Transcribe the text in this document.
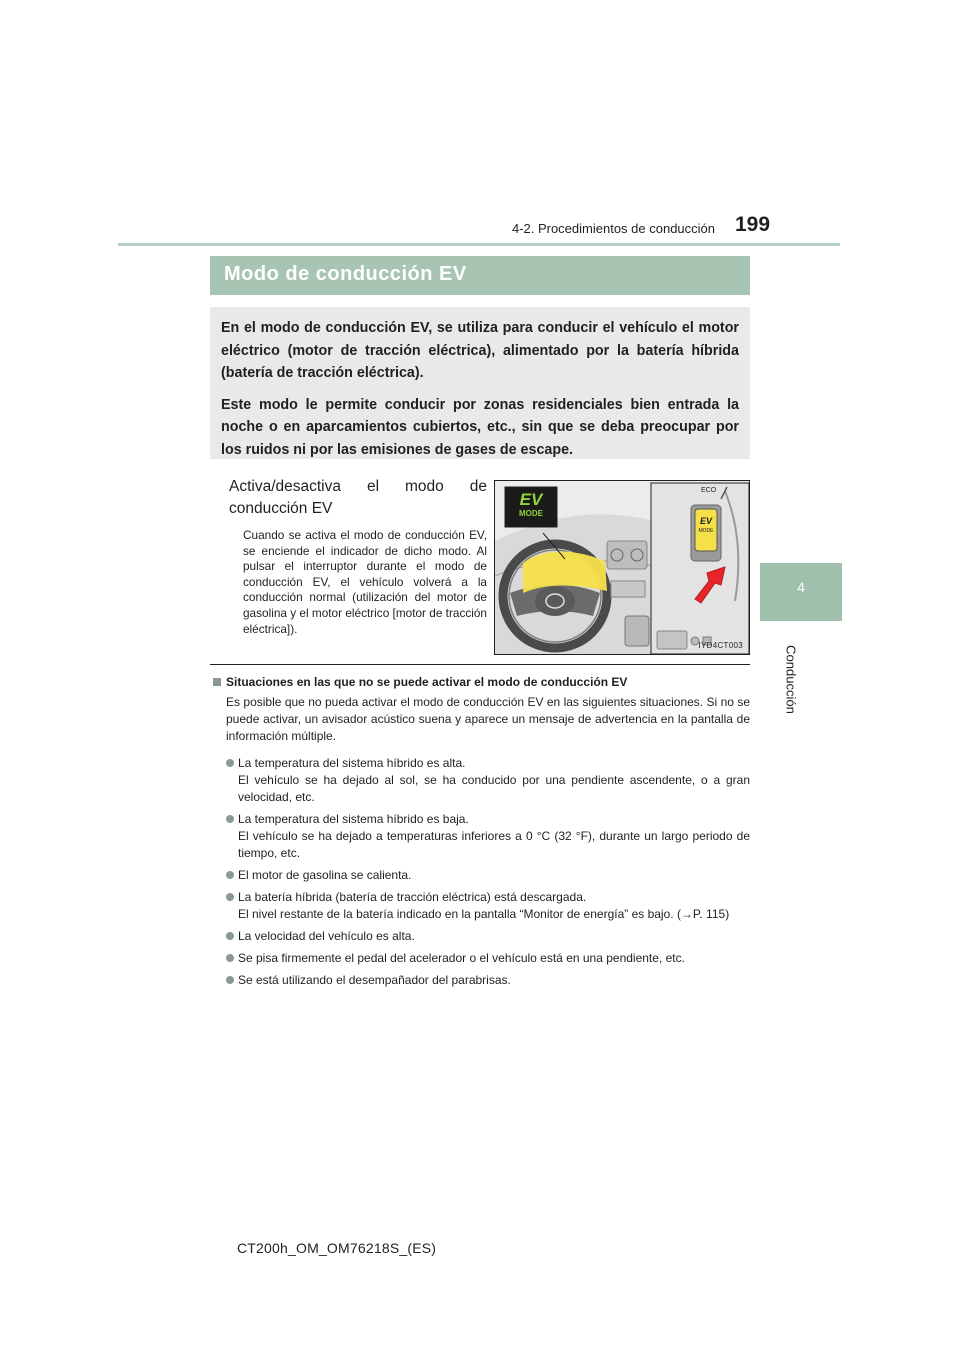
4-2. Procedimientos de conducción 199
4
Conducción
Modo de conducción EV

En el modo de conducción EV, se utiliza para conducir el vehículo el motor eléctrico (motor de tracción eléctrica), alimentado por la batería híbrida (batería de tracción eléctrica).

Este modo le permite conducir por zonas residenciales bien entrada la noche o en aparcamientos cubiertos, etc., sin que se deba preocupar por los ruidos ni por las emisiones de gases de escape.

Activa/desactiva el modo de conducción EV
Cuando se activa el modo de conducción EV, se enciende el indicador de dicho modo. Al pulsar el interruptor durante el modo de conducción EV, el vehículo volverá a la conducción normal (utilización del motor de gasolina y el motor eléctrico [motor de tracción eléctrica]).
EV
MODE
ECO
EV
MODE
IYD4CT003
Situaciones en las que no se puede activar el modo de conducción EV
Es posible que no pueda activar el modo de conducción EV en las siguientes situaciones. Si no se puede activar, un avisador acústico suena y aparece un mensaje de advertencia en la pantalla de información múltiple.
La temperatura del sistema híbrido es alta.
El vehículo se ha dejado al sol, se ha conducido por una pendiente ascendente, o a gran velocidad, etc.
La temperatura del sistema híbrido es baja.
El vehículo se ha dejado a temperaturas inferiores a 0 °C (32 °F), durante un largo periodo de tiempo, etc.
El motor de gasolina se calienta.
La batería híbrida (batería de tracción eléctrica) está descargada.
El nivel restante de la batería indicado en la pantalla “Monitor de energía” es bajo. (→P. 115)
La velocidad del vehículo es alta.
Se pisa firmemente el pedal del acelerador o el vehículo está en una pendiente, etc.
Se está utilizando el desempañador del parabrisas.
CT200h_OM_OM76218S_(ES)
